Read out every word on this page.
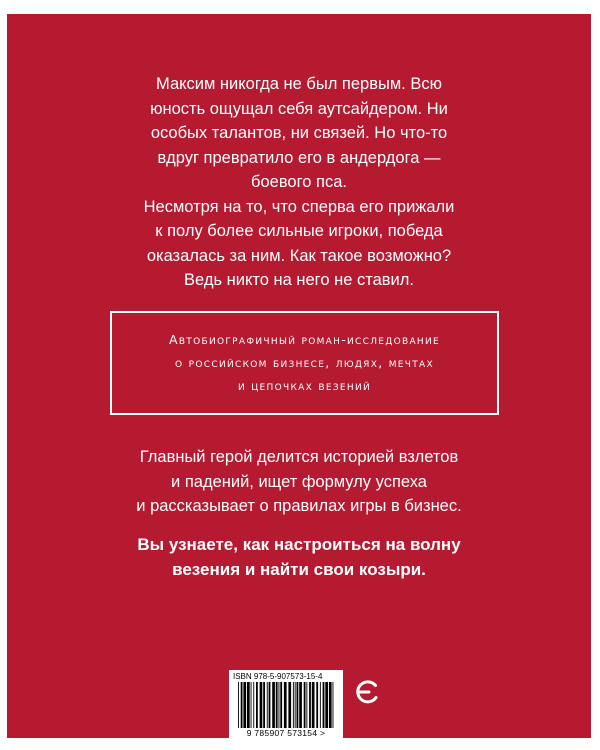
Максим никогда не был первым. Всю
юность ощущал себя аутсайдером. Ни
особых талантов, ни связей. Но что-то
вдруг превратило его в андердога —
боевого пса.
Несмотря на то, что сперва его прижали
к полу более сильные игроки, победа
оказалась за ним. Как такое возможно?
Ведь никто на него не ставил.
Автобиографичный роман-исследование
о российском бизнесе, людях, мечтах
и цепочках везений
Главный герой делится историей взлетов
и падений, ищет формулу успеха
и рассказывает о правилах игры в бизнес.
Вы узнаете, как настроиться на волну
везения и найти свои козыри.
ISBN 978-5-907573-15-4
9 785907 573154 >
